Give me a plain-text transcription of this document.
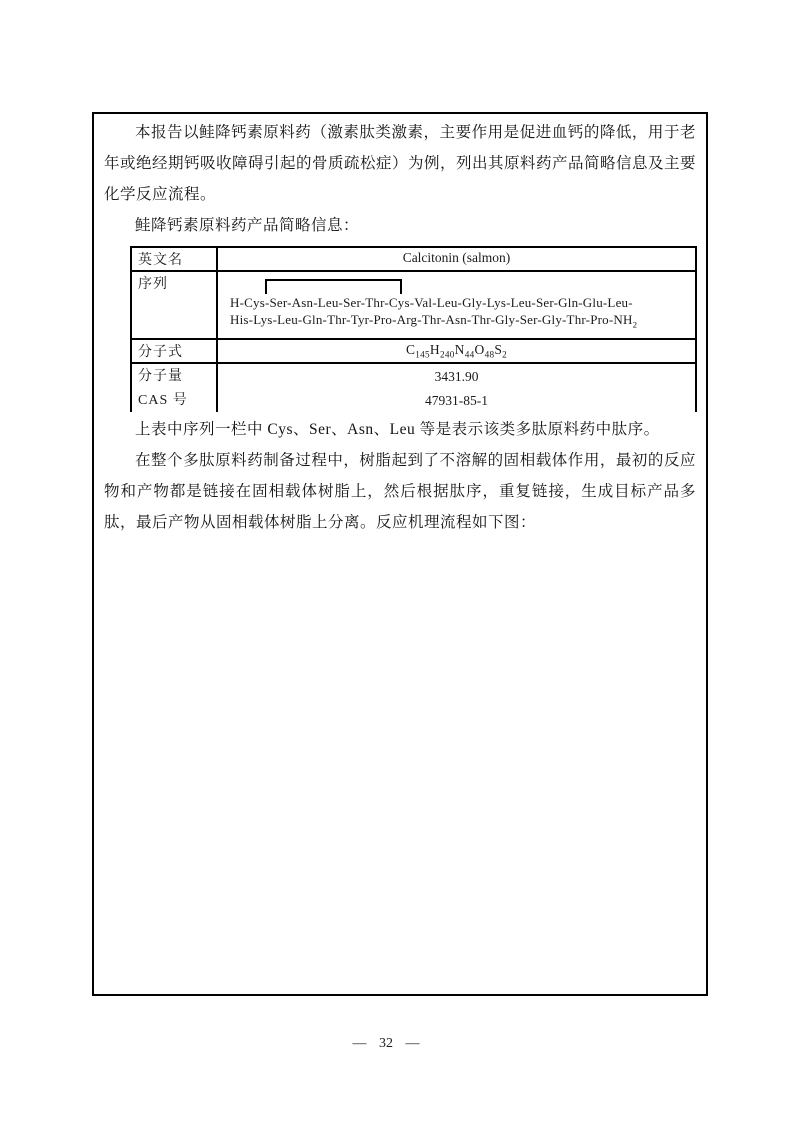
本报告以鲑降钙素原料药（激素肽类激素，主要作用是促进血钙的降低，用于老年或绝经期钙吸收障碍引起的骨质疏松症）为例，列出其原料药产品简略信息及主要化学反应流程。

鲑降钙素原料药产品简略信息：

英文名	Calcitonin (salmon)
序列
H-Cys-Ser-Asn-Leu-Ser-Thr-Cys-Val-Leu-Gly-Lys-Leu-Ser-Gln-Glu-Leu-
His-$Lys-Leu-Gln-Thr-Tyr-Pro-Arg-Thr-Asn-Thr-Gly-Ser-Gly-Thr-Pro-NH_2$
分子式	$C_{145}H_{240}N_{44}O_{48}S_2$
分子量	3431.90
CAS 号	47931-85-1

上表中序列一栏中 Cys、Ser、Asn、Leu 等是表示该类多肽原料药中肽序。

在整个多肽原料药制备过程中，树脂起到了不溶解的固相载体作用，最初的反应物和产物都是链接在固相载体树脂上，然后根据肽序，重复链接，生成目标产品多肽，最后产物从固相载体树脂上分离。反应机理流程如下图：

— 32 —
